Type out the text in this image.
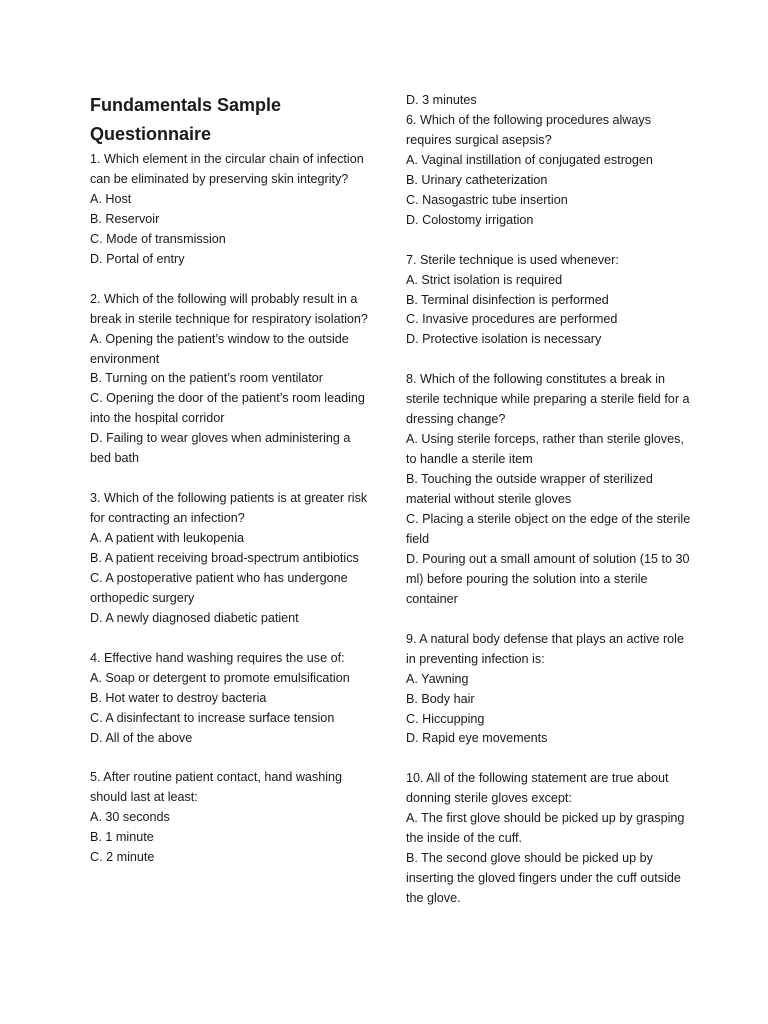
Fundamentals Sample Questionnaire

1. Which element in the circular chain of infection can be eliminated by preserving skin integrity?

A. Host
B. Reservoir
C. Mode of transmission
D. Portal of entry

2. Which of the following will probably result in a break in sterile technique for respiratory isolation?

A. Opening the patient’s window to the outside environment
B. Turning on the patient’s room ventilator
C. Opening the door of the patient’s room leading into the hospital corridor
D. Failing to wear gloves when administering a bed bath

3. Which of the following patients is at greater risk for contracting an infection?

A. A patient with leukopenia
B. A patient receiving broad-spectrum antibiotics
C. A postoperative patient who has undergone orthopedic surgery
D. A newly diagnosed diabetic patient

4. Effective hand washing requires the use of:

A. Soap or detergent to promote emulsification
B. Hot water to destroy bacteria
C. A disinfectant to increase surface tension
D. All of the above

5. After routine patient contact, hand washing should last at least:

A. 30 seconds
B. 1 minute
C. 2 minute
D. 3 minutes

6. Which of the following procedures always requires surgical asepsis?

A. Vaginal instillation of conjugated estrogen
B. Urinary catheterization
C. Nasogastric tube insertion
D. Colostomy irrigation

7. Sterile technique is used whenever:

A. Strict isolation is required
B. Terminal disinfection is performed
C. Invasive procedures are performed
D. Protective isolation is necessary

8. Which of the following constitutes a break in sterile technique while preparing a sterile field for a dressing change?

A. Using sterile forceps, rather than sterile gloves, to handle a sterile item
B. Touching the outside wrapper of sterilized material without sterile gloves
C. Placing a sterile object on the edge of the sterile field
D. Pouring out a small amount of solution (15 to 30 ml) before pouring the solution into a sterile container

9. A natural body defense that plays an active role in preventing infection is:

A. Yawning
B. Body hair
C. Hiccupping
D. Rapid eye movements

10. All of the following statement are true about donning sterile gloves except:

A. The first glove should be picked up by grasping the inside of the cuff.
B. The second glove should be picked up by inserting the gloved fingers under the cuff outside the glove.
